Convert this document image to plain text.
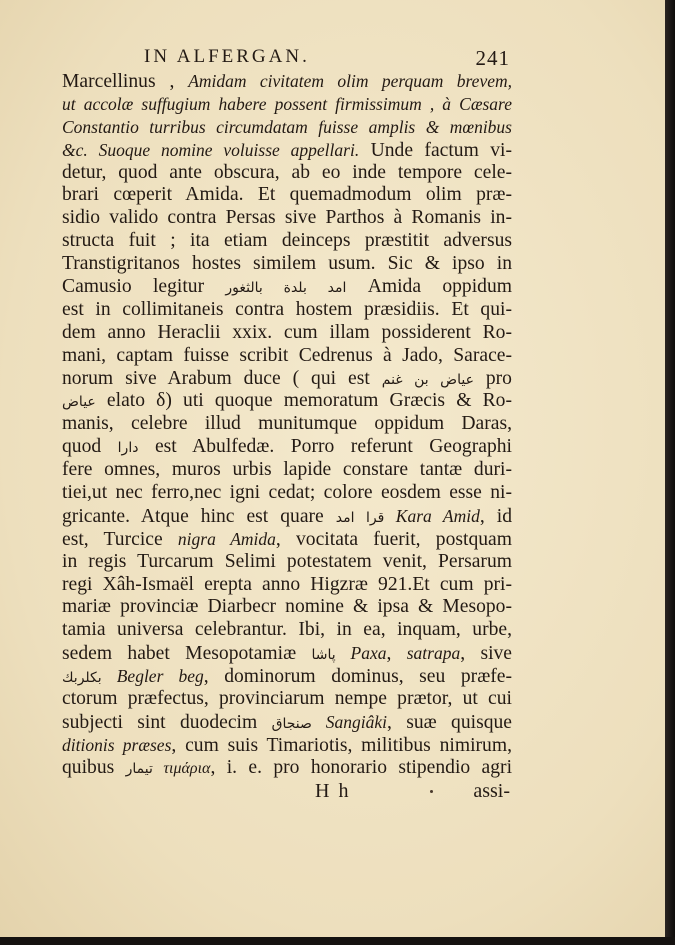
IN ALFERGAN.	241
Marcellinus , Amidam civitatem olim perquam brevem,
ut accolæ suffugium habere possent firmissimum , à Cæsare
Constantio turribus circumdatam fuisse amplis & mœnibus
&c. Suoque nomine voluisse appellari. Unde factum vi-
detur, quod ante obscura, ab eo inde tempore cele-
brari cœperit Amida. Et quemadmodum olim præ-
sidio valido contra Persas sive Parthos à Romanis in-
structa fuit ; ita etiam deinceps præstitit adversus
Transtigritanos hostes similem usum. Sic & ipso in
Camusio legitur امد بلدة بالثغور Amida oppidum
est in collimitaneis contra hostem præsidiis. Et qui-
dem anno Heraclii xxix. cum illam possiderent Ro-
mani, captam fuisse scribit Cedrenus à Jado, Sarace-
norum sive Arabum duce ( qui est عياض بن غنم pro
عياض elato δ) uti quoque memoratum Græcis & Ro-
manis, celebre illud munitumque oppidum Daras,
quod دارا est Abulfedæ. Porro referunt Geographi
fere omnes, muros urbis lapide constare tantæ duri-
tiei,ut nec ferro,nec igni cedat; colore eosdem esse ni-
gricante. Atque hinc est quare قرا امد Kara Amid, id
est, Turcice nigra Amida, vocitata fuerit, postquam
in regis Turcarum Selimi potestatem venit, Persarum
regi Xâh-Ismaël erepta anno Higzræ 921.Et cum pri-
mariæ provinciæ Diarbecr nomine & ipsa & Mesopo-
tamia universa celebrantur. Ibi, in ea, inquam, urbe,
sedem habet Mesopotamiæ پاشا Paxa, satrapa, sive
بكلربك Begler beg, dominorum dominus, seu præfe-
ctorum præfectus, provinciarum nempe prætor, ut cui
subjecti sint duodecim صنجاق Sangiâki, suæ quisque
ditionis præses, cum suis Timariotis, militibus nimirum,
quibus تيمار τιμάρια, i. e. pro honorario stipendio agri
H h	assi-
